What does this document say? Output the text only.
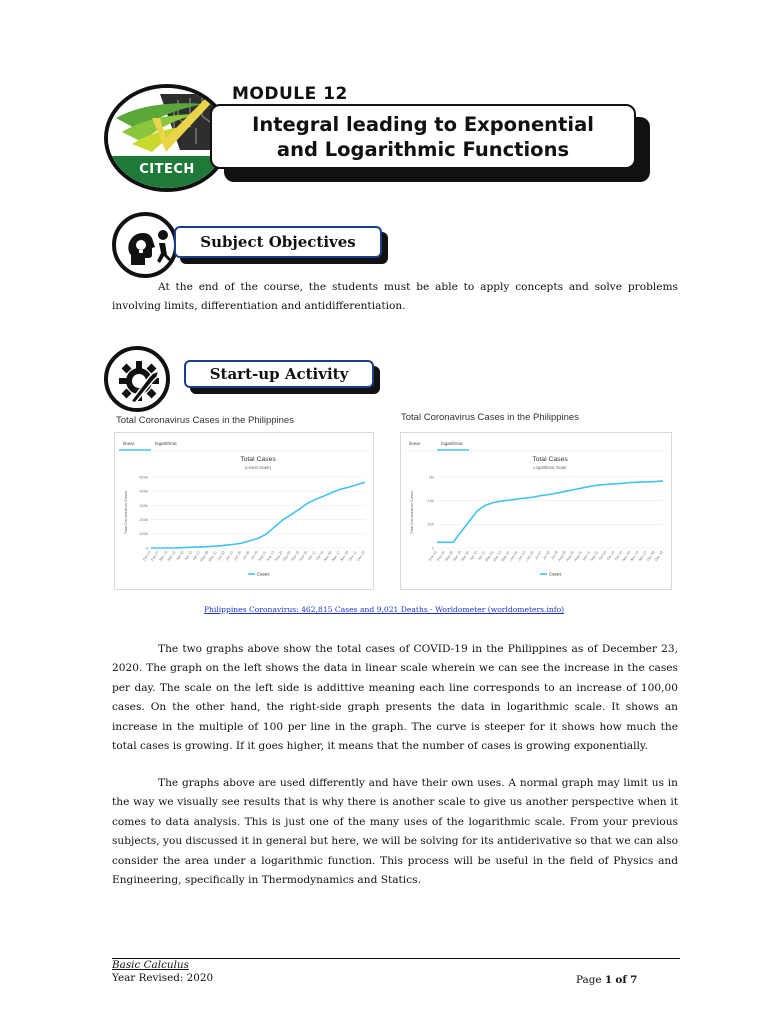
CITECH
MODULE 12
Integral leading to Exponential
and Logarithmic Functions
Subject Objectives
At the end of the course, the students must be able to apply concepts and solve problems involving limits, differentiation and antidifferentiation.
Start-up Activity
Total Coronavirus Cases in the Philippines
linear	logarithmic
Total Cases
(Linear Scale)
Total Coronavirus Cases
0
100k
200k
300k
400k
500k
Feb 15
Feb 27
Mar 10
Mar 22
Apr 03
Apr 15
Apr 27
May 09
May 21
Jun 02
Jun 14
Jun 26 Jul 08 Jul 20
Aug 01
Aug 13
Aug 25
Sep 06
Sep 18
Sep 30
Oct 12
Oct 24
Nov 05
Nov 17
Nov 29
Dec 11
Dec 23
Cases
Total Coronavirus Cases in the Philippines
linear	logarithmic
Total Cases
Logarithmic Scale
Total Coronavirus Cases
1
100
10k
1M
Feb 15
Feb 26
Mar 08
Mar 19
Mar 30
Apr 10
Apr 21
May 02
May 13
May 24
Jun 04
Jun 15
Jun 26 Jul 07 Jul 18 Jul 29
Aug 09
Aug 20
Aug 31
Sep 11
Sep 22
Oct 03
Oct 14
Oct 25
Nov 05
Nov 16
Nov 27
Dec 08
Dec 19
Cases
Philippines Coronavirus: 462,815 Cases and 9,021 Deaths - Worldometer (worldometers.info)
The two graphs above show the total cases of COVID-19 in the Philippines as of December 23, 2020. The graph on the left shows the data in linear scale wherein we can see the increase in the cases per day. The scale on the left side is addittive meaning each line corresponds to an increase of 100,00 cases. On the other hand, the right-side graph presents the data in logarithmic scale. It shows an increase in the multiple of 100 per line in the graph. The curve is steeper for it shows how much the total cases is growing. If it goes higher, it means that the number of cases is growing exponentially.
The graphs above are used differently and have their own uses. A normal graph may limit us in the way we visually see results that is why there is another scale to give us another perspective when it comes to data analysis. This is just one of the many uses of the logarithmic scale. From your previous subjects, you discussed it in general but here, we will be solving for its antiderivative so that we can also consider the area under a logarithmic function. This process will be useful in the field of Physics and Engineering, specifically in Thermodynamics and Statics.
Basic Calculus
Year Revised: 2020	Page 1 of 7
